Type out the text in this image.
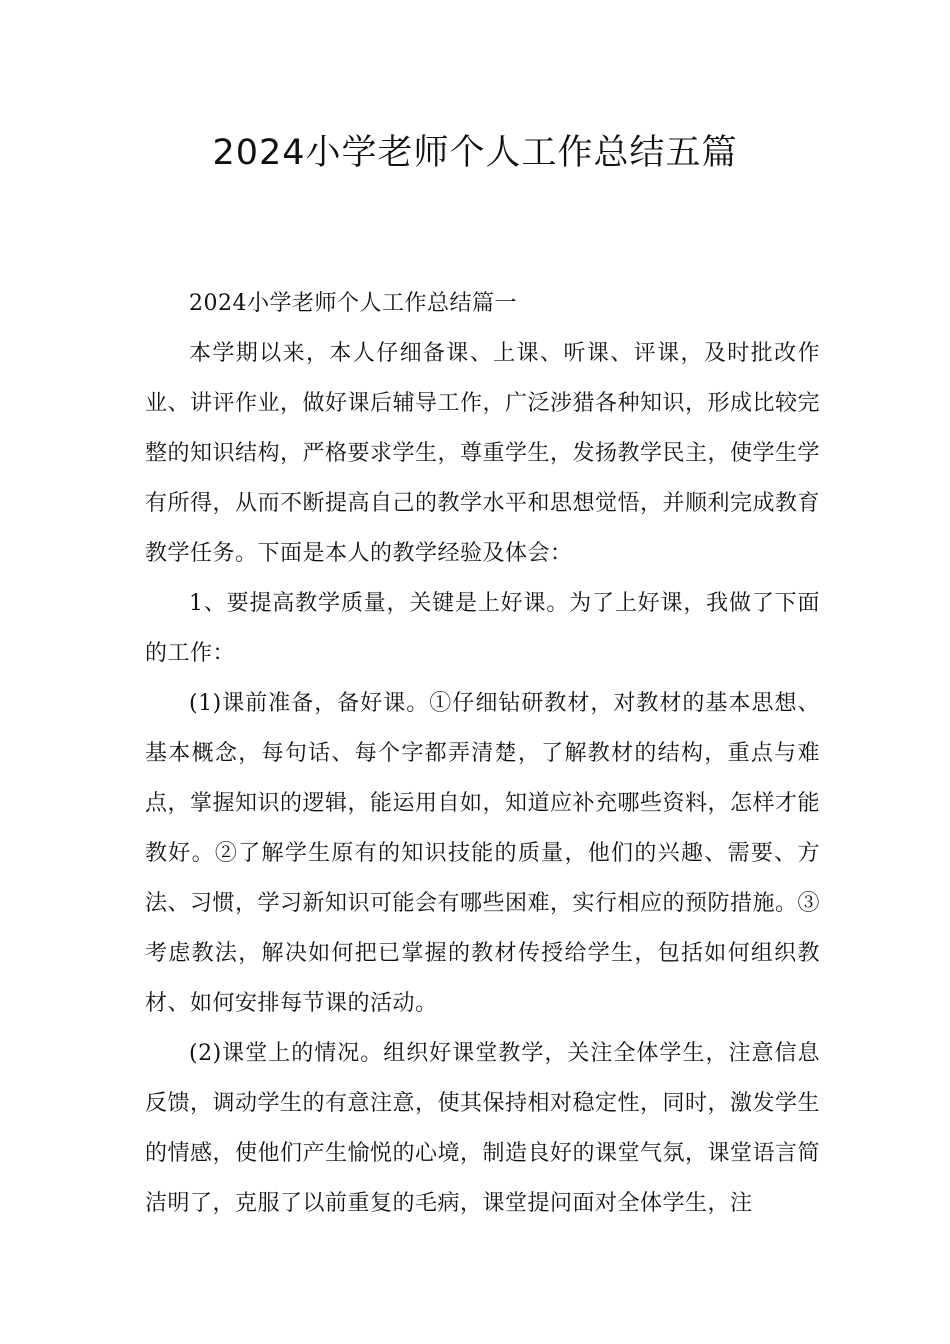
2024小学老师个人工作总结五篇

2024小学老师个人工作总结篇一

本学期以来，本人仔细备课、上课、听课、评课，及时批改作业、讲评作业，做好课后辅导工作，广泛涉猎各种知识，形成比较完整的知识结构，严格要求学生，尊重学生，发扬教学民主，使学生学有所得，从而不断提高自己的教学水平和思想觉悟，并顺利完成教育教学任务。下面是本人的教学经验及体会：

1、要提高教学质量，关键是上好课。为了上好课，我做了下面的工作：

(1)课前准备，备好课。①仔细钻研教材，对教材的基本思想、基本概念，每句话、每个字都弄清楚，了解教材的结构，重点与难点，掌握知识的逻辑，能运用自如，知道应补充哪些资料，怎样才能教好。②了解学生原有的知识技能的质量，他们的兴趣、需要、方法、习惯，学习新知识可能会有哪些困难，实行相应的预防措施。③考虑教法，解决如何把已掌握的教材传授给学生，包括如何组织教材、如何安排每节课的活动。

(2)课堂上的情况。组织好课堂教学，关注全体学生，注意信息反馈，调动学生的有意注意，使其保持相对稳定性，同时，激发学生的情感，使他们产生愉悦的心境，制造良好的课堂气氛，课堂语言简洁明了，克服了以前重复的毛病，课堂提问面对全体学生，注
